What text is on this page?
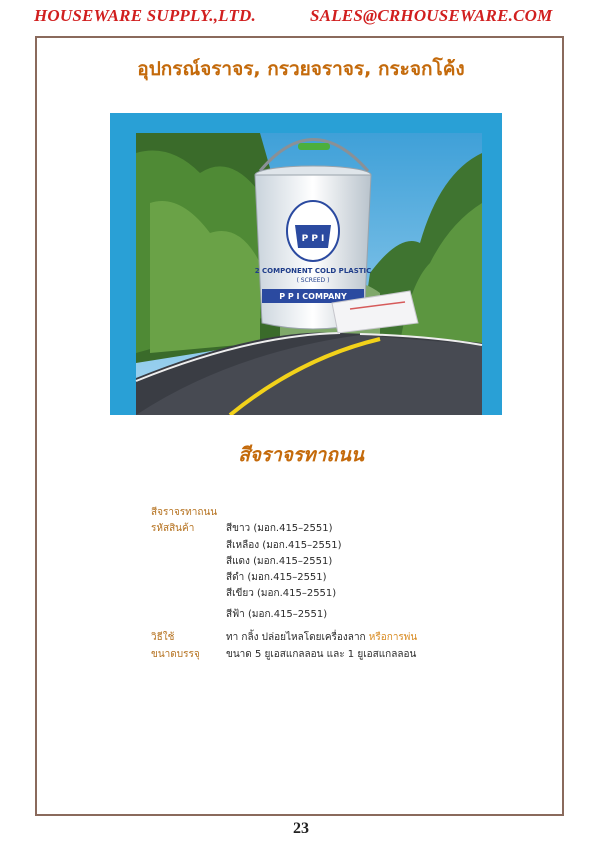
HOUSEWARE SUPPLY.,LTD.	SALES@CRHOUSEWARE.COM
อุปกรณ์จราจร, กรวยจราจร, กระจกโค้ง
P P I
2 COMPONENT COLD PLASTIC
( SCREED )
P P I COMPANY
สีจราจรทาถนน
สีจราจรทาถนน
รหัสสินค้า	สีขาว (มอก.415–2551)
สีเหลือง (มอก.415–2551)
สีแดง (มอก.415–2551)
สีดำ (มอก.415–2551)
สีเขียว (มอก.415–2551)
สีฟ้า (มอก.415–2551)
วิธีใช้	ทา กลิ้ง ปล่อยไหลโดยเครื่องลาก หรือการพ่น
ขนาดบรรจุ	ขนาด 5 ยูเอสแกลลอน และ 1 ยูเอสแกลลอน
23
